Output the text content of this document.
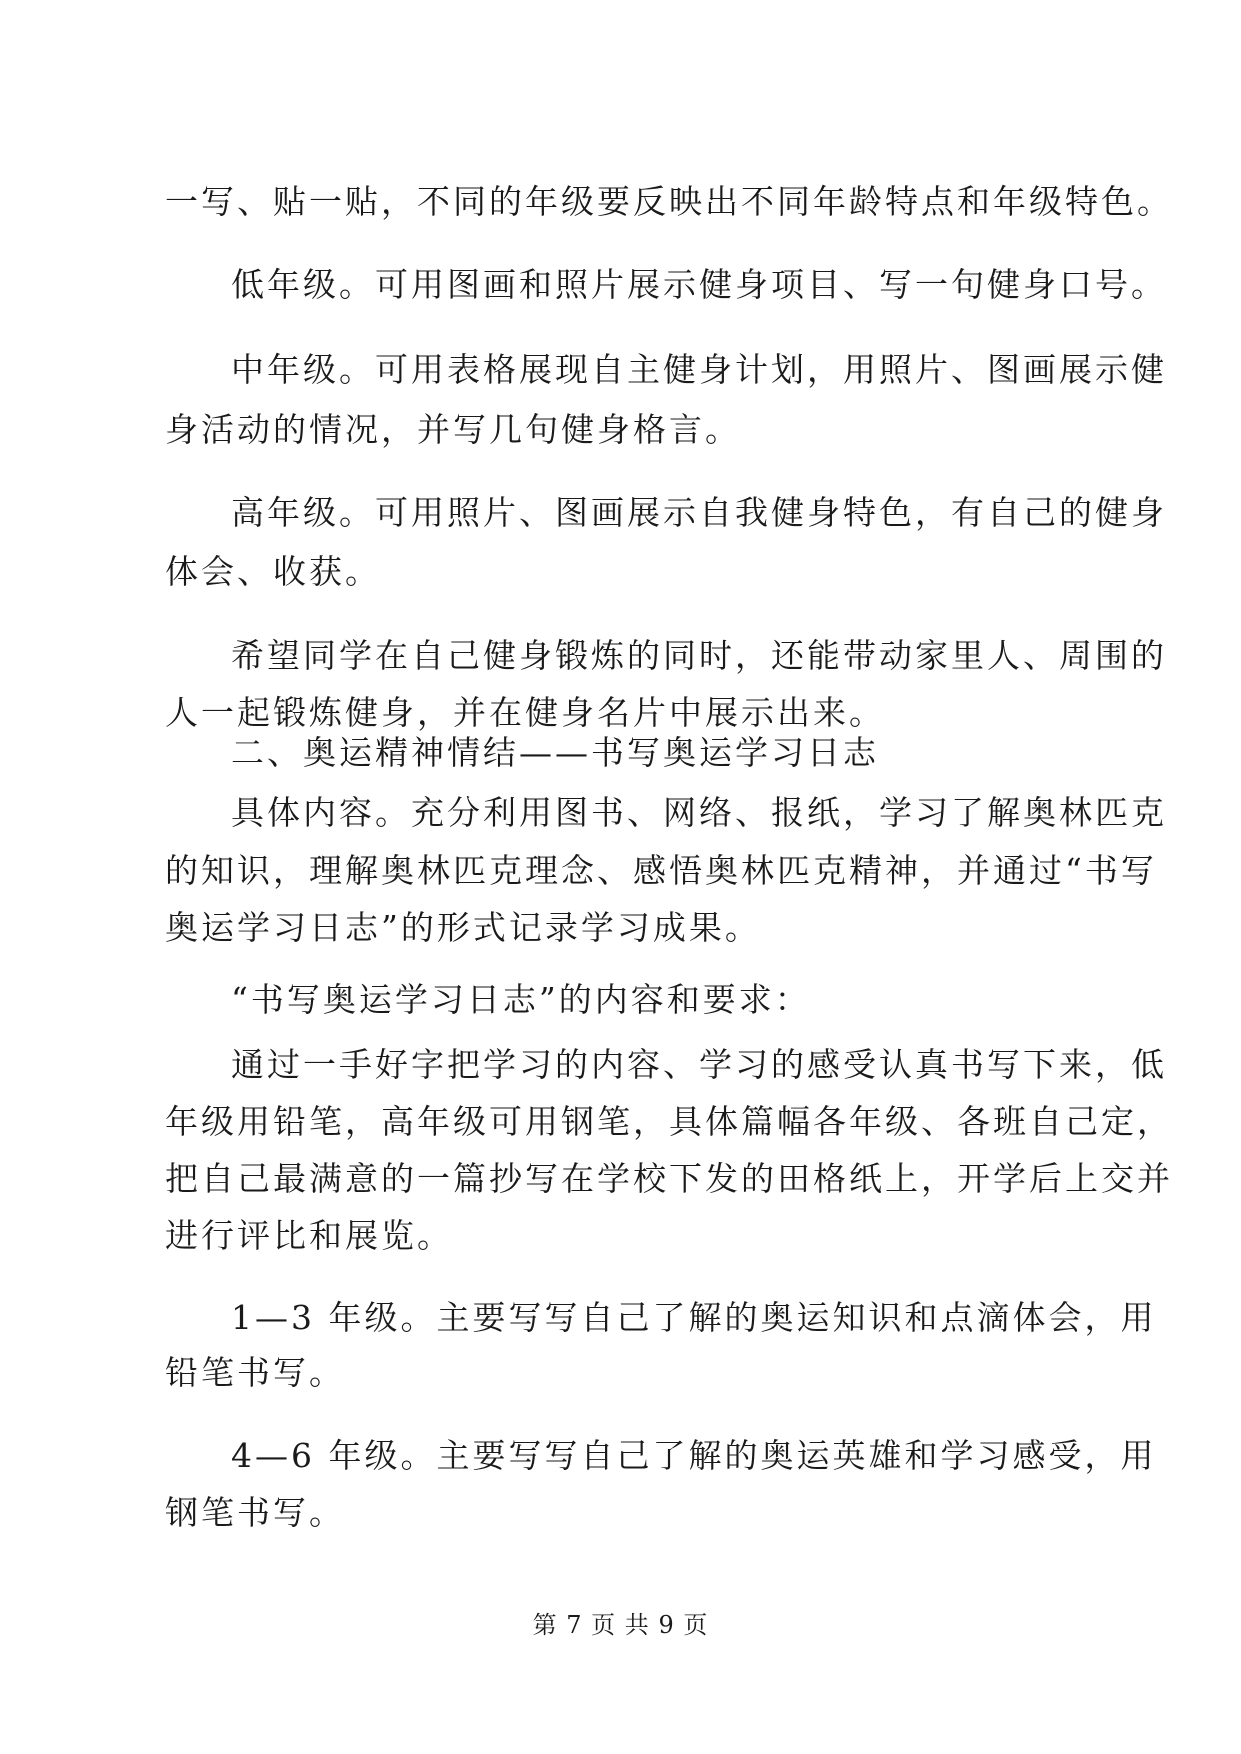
一写、贴一贴，不同的年级要反映出不同年龄特点和年级特色。
低年级。可用图画和照片展示健身项目、写一句健身口号。
中年级。可用表格展现自主健身计划，用照片、图画展示健
身活动的情况，并写几句健身格言。
高年级。可用照片、图画展示自我健身特色，有自己的健身
体会、收获。
希望同学在自己健身锻炼的同时，还能带动家里人、周围的
人一起锻炼健身，并在健身名片中展示出来。
二、奥运精神情结——书写奥运学习日志
具体内容。充分利用图书、网络、报纸，学习了解奥林匹克
的知识，理解奥林匹克理念、感悟奥林匹克精神，并通过“书写
奥运学习日志”的形式记录学习成果。
“书写奥运学习日志”的内容和要求：
通过一手好字把学习的内容、学习的感受认真书写下来，低
年级用铅笔，高年级可用钢笔，具体篇幅各年级、各班自己定，
把自己最满意的一篇抄写在学校下发的田格纸上，开学后上交并
进行评比和展览。
1—3 年级。主要写写自己了解的奥运知识和点滴体会，用
铅笔书写。
4—6 年级。主要写写自己了解的奥运英雄和学习感受，用
钢笔书写。
第 7 页 共 9 页
